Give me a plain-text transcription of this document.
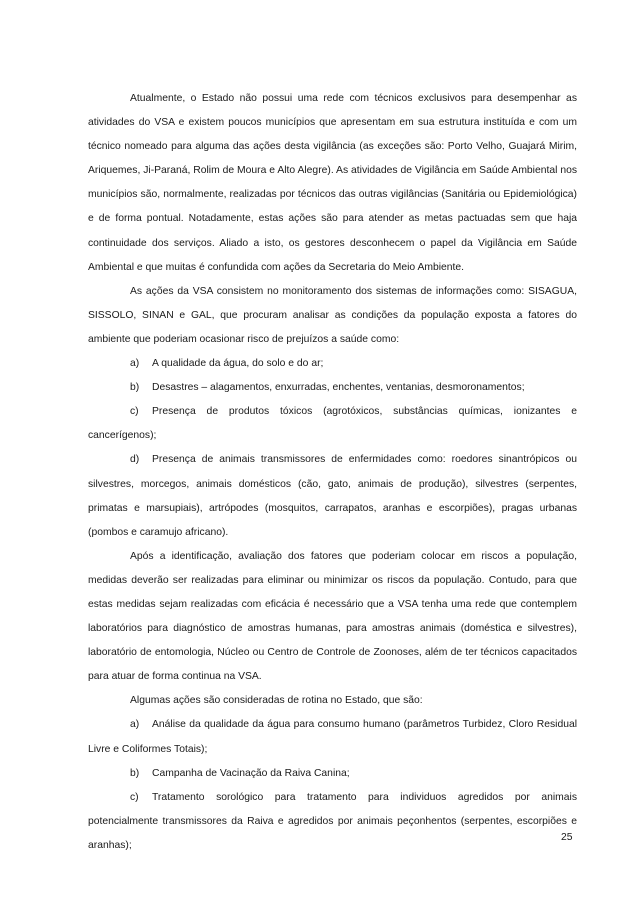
Atualmente, o Estado não possui uma rede com técnicos exclusivos para desempenhar as atividades do VSA e existem poucos municípios que apresentam em sua estrutura instituída e com um técnico nomeado para alguma das ações desta vigilância (as exceções são: Porto Velho, Guajará Mirim, Ariquemes, Ji-Paraná, Rolim de Moura e Alto Alegre). As atividades de Vigilância em Saúde Ambiental nos municípios são, normalmente, realizadas por técnicos das outras vigilâncias (Sanitária ou Epidemiológica) e de forma pontual. Notadamente, estas ações são para atender as metas pactuadas sem que haja continuidade dos serviços. Aliado a isto, os gestores desconhecem o papel da Vigilância em Saúde Ambiental e que muitas é confundida com ações da Secretaria do Meio Ambiente.

As ações da VSA consistem no monitoramento dos sistemas de informações como: SISAGUA, SISSOLO, SINAN e GAL, que procuram analisar as condições da população exposta a fatores do ambiente que poderiam ocasionar risco de prejuízos a saúde como:

a) A qualidade da água, do solo e do ar;

b) Desastres – alagamentos, enxurradas, enchentes, ventanias, desmoronamentos;

c) Presença de produtos tóxicos (agrotóxicos, substâncias químicas, ionizantes e cancerígenos);

d) Presença de animais transmissores de enfermidades como: roedores sinantrópicos ou silvestres, morcegos, animais domésticos (cão, gato, animais de produção), silvestres (serpentes, primatas e marsupiais), artrópodes (mosquitos, carrapatos, aranhas e escorpiões), pragas urbanas (pombos e caramujo africano).

Após a identificação, avaliação dos fatores que poderiam colocar em riscos a população, medidas deverão ser realizadas para eliminar ou minimizar os riscos da população. Contudo, para que estas medidas sejam realizadas com eficácia é necessário que a VSA tenha uma rede que contemplem laboratórios para diagnóstico de amostras humanas, para amostras animais (doméstica e silvestres), laboratório de entomologia, Núcleo ou Centro de Controle de Zoonoses, além de ter técnicos capacitados para atuar de forma continua na VSA.

Algumas ações são consideradas de rotina no Estado, que são:

a) Análise da qualidade da água para consumo humano (parâmetros Turbidez, Cloro Residual Livre e Coliformes Totais);

b) Campanha de Vacinação da Raiva Canina;

c) Tratamento sorológico para tratamento para individuos agredidos por animais potencialmente transmissores da Raiva e agredidos por animais peçonhentos (serpentes, escorpiões e aranhas);

25
